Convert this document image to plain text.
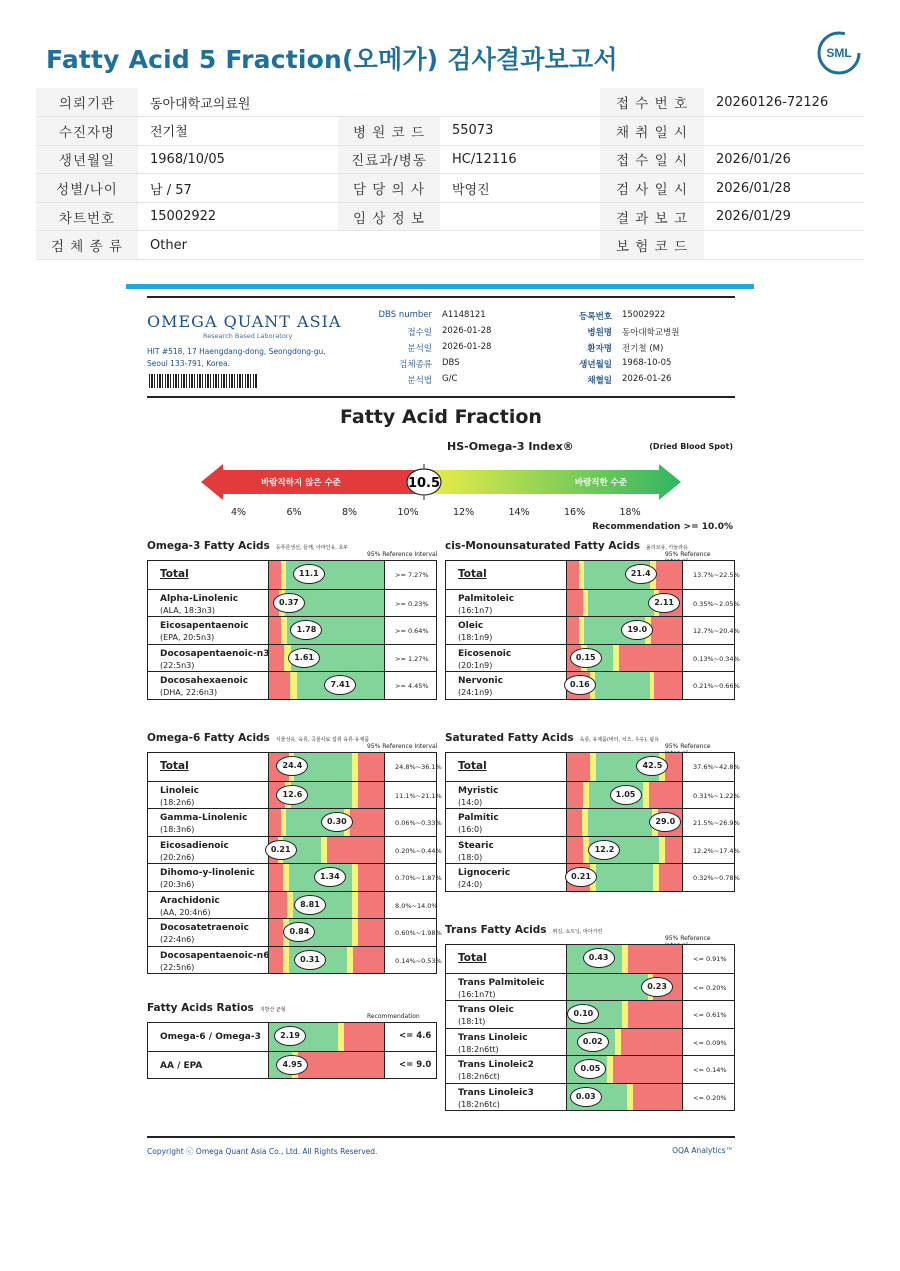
Fatty Acid 5 Fraction(오메가) 검사결과보고서	SML
의뢰기관	동아대학교의료원			접 수 번 호	20260126-72126
수진자명	전기철	병 원 코 드	55073	채 취 일 시	
생년월일	1968/10/05	진료과/병동	HC/12116	접 수 일 시	2026/01/26
성별/나이	남 / 57	담 당 의 사	박영진	검 사 일 시	2026/01/28
차트번호	15002922	임 상 정 보		결 과 보 고	2026/01/29
검 체 종 류	Other			보 험 코 드	
OMEGA QUANT ASIA
Research Based Laboratory
HIT #518, 17 Haengdang-dong, Seongdong-gu,
Seoul 133-791, Korea.
DBS number A1148121
접수일 2026-01-28
분석일 2026-01-28
검체종류 DBS
분석법 G/C
등록번호 15002922
병원명 동아대학교병원
환자명 전기철 (M)
생년월일 1968-10-05
채혈일 2026-01-26
Fatty Acid Fraction
HS-Omega-3 Index®	(Dried Blood Spot)
바람직하지 않은 수준	바람직한 수준
10.5
4%	6%	8%	10%	12%	14%	16%	18%
Recommendation >= 10.0%
Omega-3 Fatty Acids 등푸른생선, 들깨, 아마인유, 호두
95% Reference Interval
Total	11.1	>= 7.27%
Alpha-Linolenic
(ALA, 18:3n3)
0.37	>= 0.23%
Eicosapentaenoic
(EPA, 20:5n3)
1.78	>= 0.64%
Docosapentaenoic-n3
(22:5n3)
1.61	>= 1.27%
Docosahexaenoic
(DHA, 22:6n3)
7.41	>= 4.45%
cis-Monounsaturated Fatty Acids 올리브유, 카놀라유
95% Reference
Total	21.4	13.7%~22.5%
Palmitoleic
(16:1n7)
2.11	0.35%~2.05%
Oleic
(18:1n9)
19.0	12.7%~20.4%
Eicosenoic
(20:1n9)
0.15	0.13%~0.34%
Nervonic
(24:1n9)
0.16	0.21%~0.66%
Omega-6 Fatty Acids 식물성유, 육류, 곡물사료 섭취 육류·유제품
95% Reference Interval
Total	24.4	24.8%~36.1%
Linoleic
(18:2n6)
12.6	11.1%~21.1%
Gamma-Linolenic
(18:3n6)
0.30	0.06%~0.33%
Eicosadienoic
(20:2n6)
0.21	0.20%~0.44%
Dihomo-y-linolenic
(20:3n6)
1.34	0.70%~1.87%
Arachidonic
(AA, 20:4n6)
8.81	8.0%~14.0%
Docosatetraenoic
(22:4n6)
0.84	0.60%~1.98%
Docosapentaenoic-n6
(22:5n6)
0.31	0.14%~0.53%
Saturated Fatty Acids 육류, 유제품(버터, 치즈, 우유), 팜유
95% Reference
Total	42.5	37.6%~42.8%
Myristic
(14:0)
1.05	0.31%~1.22%
Palmitic
(16:0)
29.0	21.5%~26.9%
Stearic
(18:0)
12.2	12.2%~17.4%
Lignoceric
(24:0)
0.21	0.32%~0.78%
Trans Fatty Acids 튀김, 쇼트닝, 마아가린
95% Reference
Total	0.43	<= 0.91%
Trans Palmitoleic
(16:1n7t)
0.23	<= 0.20%
Trans Oleic
(18:1t)
0.10	<= 0.61%
Trans Linoleic
(18:2n6tt)
0.02	<= 0.09%
Trans Linoleic2
(18:2n6ct)
0.05	<= 0.14%
Trans Linoleic3
(18:2n6tc)
0.03	<= 0.20%
Fatty Acids Ratios 지방산 균형
Recommendation
Omega-6 / Omega-3	2.19	<= 4.6
AA / EPA	4.95	<= 9.0
Copyright ⓒ Omega Quant Asia Co., Ltd. All Rights Reserved.	OQA Analytics™
